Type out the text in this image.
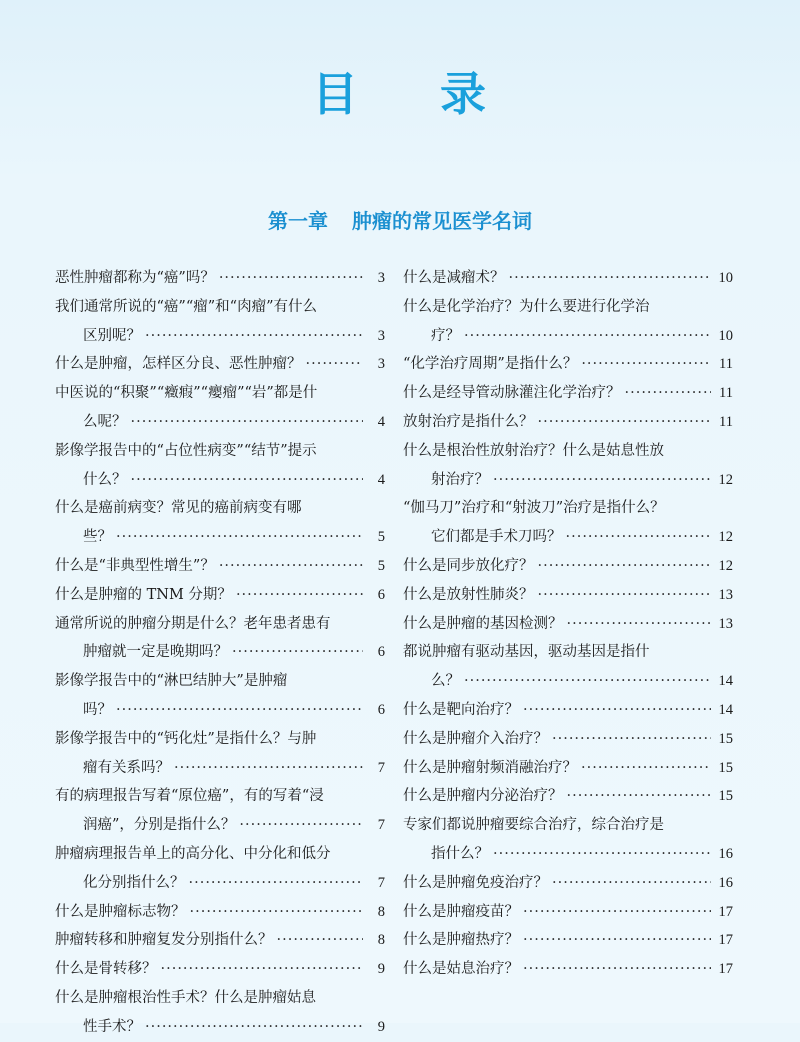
目 录
第一章 肿瘤的常见医学名词
恶性肿瘤都称为“癌”吗？ ·····	3
我们通常所说的“癌”“瘤”和“肉瘤”有什么
区别呢？ ·····	3
什么是肿瘤，怎样区分良、恶性肿瘤？ ·····	3
中医说的“积聚”“癥瘕”“瘿瘤”“岩”都是什
么呢？ ·····	4
影像学报告中的“占位性病变”“结节”提示
什么？ ·····	4
什么是癌前病变？常见的癌前病变有哪
些？ ·····	5
什么是“非典型性增生”？ ·····	5
什么是肿瘤的 TNM 分期？ ·····	6
通常所说的肿瘤分期是什么？老年患者患有
肿瘤就一定是晚期吗？ ·····	6
影像学报告中的“淋巴结肿大”是肿瘤
吗？ ·····	6
影像学报告中的“钙化灶”是指什么？与肿
瘤有关系吗？ ·····	7
有的病理报告写着“原位癌”，有的写着“浸
润癌”，分别是指什么？ ·····	7
肿瘤病理报告单上的高分化、中分化和低分
化分别指什么？ ·····	7
什么是肿瘤标志物？ ·····	8
肿瘤转移和肿瘤复发分别指什么？ ·····	8
什么是骨转移？ ·····	9
什么是肿瘤根治性手术？什么是肿瘤姑息
性手术？ ·····	9
什么是减瘤术？ ·····	10
什么是化学治疗？为什么要进行化学治
疗？ ·····	10
“化学治疗周期”是指什么？ ·····	11
什么是经导管动脉灌注化学治疗？ ·····	11
放射治疗是指什么？ ·····	11
什么是根治性放射治疗？什么是姑息性放
射治疗？ ·····	12
“伽马刀”治疗和“射波刀”治疗是指什么？
它们都是手术刀吗？ ·····	12
什么是同步放化疗？ ·····	12
什么是放射性肺炎？ ·····	13
什么是肿瘤的基因检测？ ·····	13
都说肿瘤有驱动基因，驱动基因是指什
么？ ·····	14
什么是靶向治疗？ ·····	14
什么是肿瘤介入治疗？ ·····	15
什么是肿瘤射频消融治疗？ ·····	15
什么是肿瘤内分泌治疗？ ·····	15
专家们都说肿瘤要综合治疗，综合治疗是
指什么？ ·····	16
什么是肿瘤免疫治疗？ ·····	16
什么是肿瘤疫苗？ ·····	17
什么是肿瘤热疗？ ·····	17
什么是姑息治疗？ ·····	17
